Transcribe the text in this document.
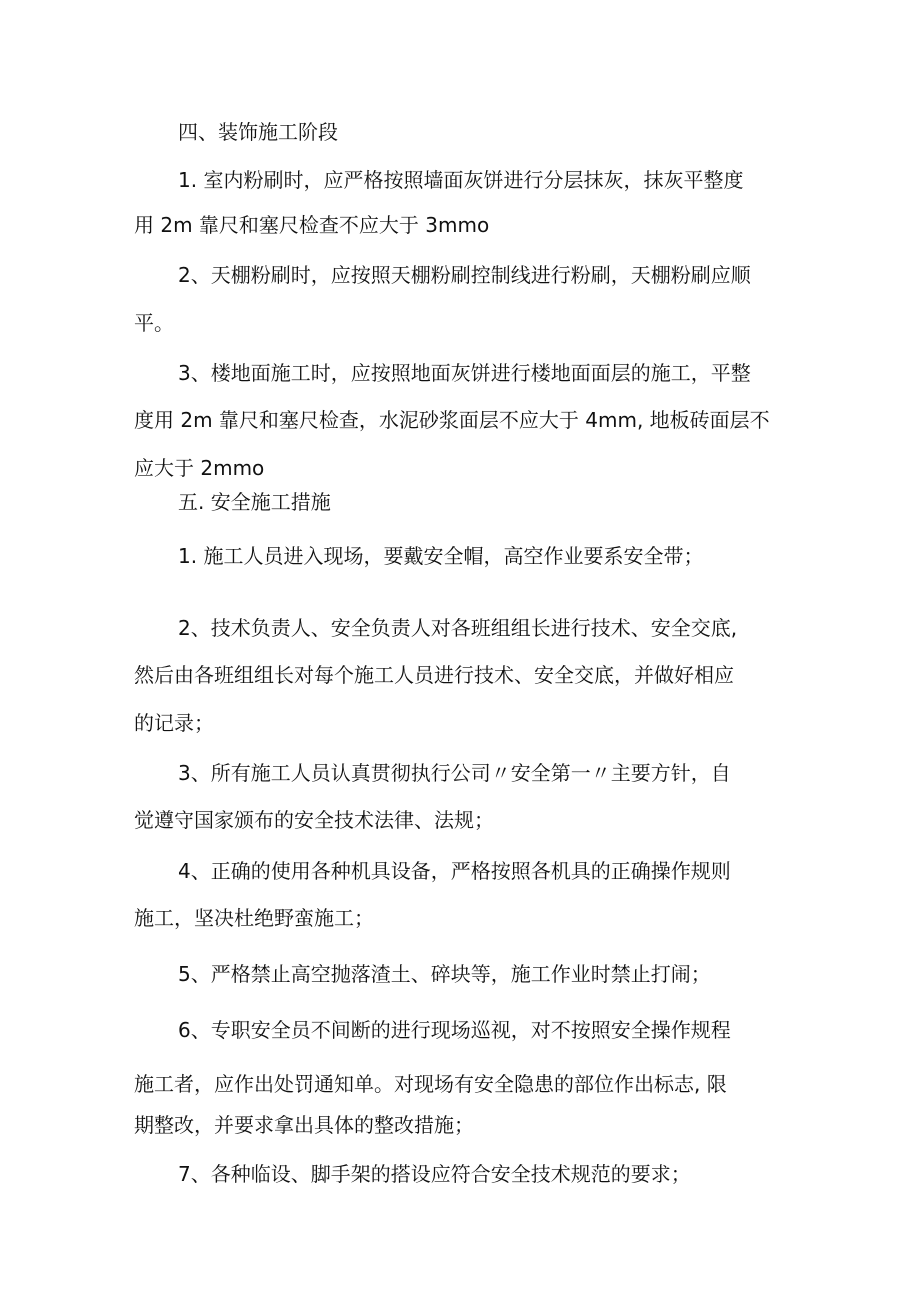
四、装饰施工阶段
1. 室内粉刷时，应严格按照墙面灰饼进行分层抹灰，抹灰平整度
用 2m 靠尺和塞尺检查不应大于 3mmo
2、天棚粉刷时，应按照天棚粉刷控制线进行粉刷，天棚粉刷应顺
平。
3、楼地面施工时，应按照地面灰饼进行楼地面面层的施工，平整
度用 2m 靠尺和塞尺检查，水泥砂浆面层不应大于 4mm, 地板砖面层不
应大于 2mmo
五. 安全施工措施
1. 施工人员进入现场，要戴安全帽，高空作业要系安全带；
2、技术负责人、安全负责人对各班组组长进行技术、安全交底,
然后由各班组组长对每个施工人员进行技术、安全交底，并做好相应
的记录；
3、所有施工人员认真贯彻执行公司〃安全第一〃主要方针，自
觉遵守国家颁布的安全技术法律、法规；
4、正确的使用各种机具设备，严格按照各机具的正确操作规则
施工，坚决杜绝野蛮施工；
5、严格禁止高空抛落渣土、碎块等，施工作业时禁止打闹；
6、专职安全员不间断的进行现场巡视，对不按照安全操作规程
施工者，应作出处罚通知单。对现场有安全隐患的部位作出标志, 限
期整改，并要求拿出具体的整改措施；
7、各种临设、脚手架的搭设应符合安全技术规范的要求；
